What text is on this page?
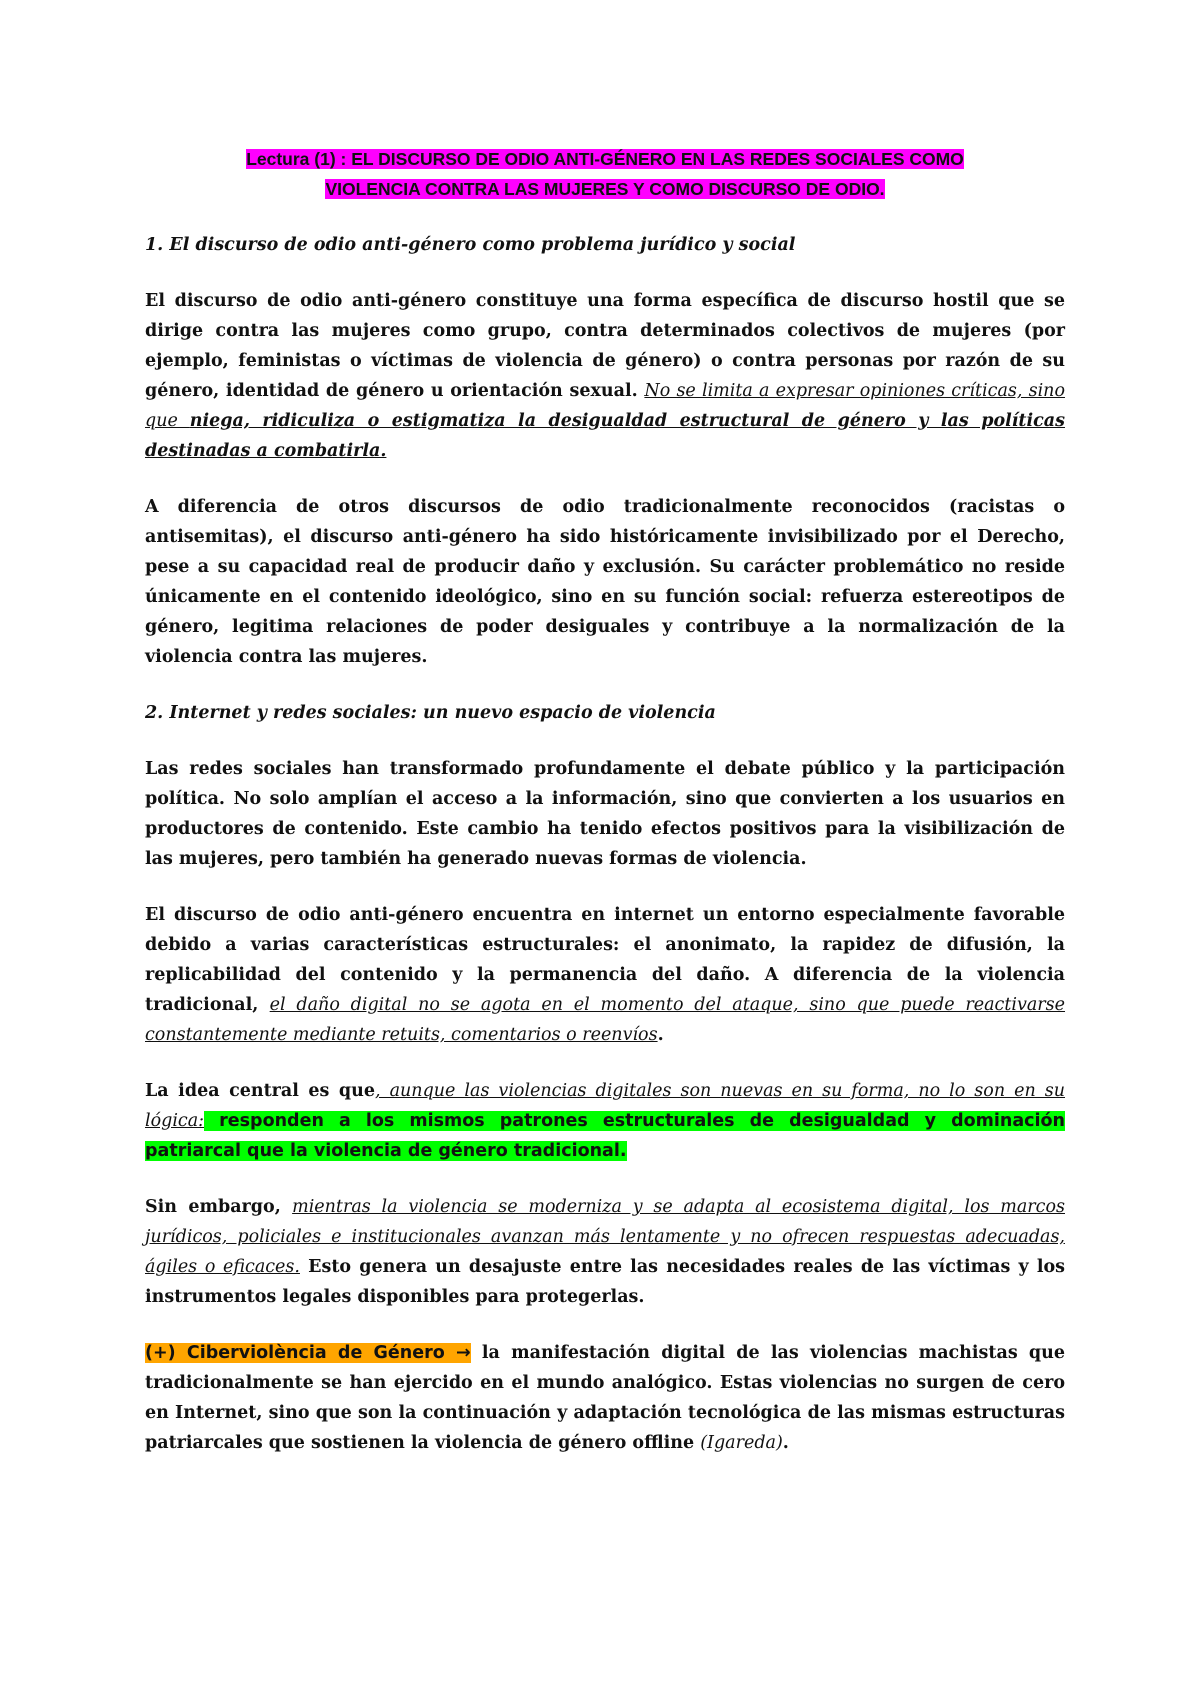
Lectura (1) : EL DISCURSO DE ODIO ANTI-GÉNERO EN LAS REDES SOCIALES COMO
VIOLENCIA CONTRA LAS MUJERES Y COMO DISCURSO DE ODIO.

1. El discurso de odio anti-género como problema jurídico y social

El discurso de odio anti-género constituye una forma específica de discurso hostil que se dirige contra las mujeres como grupo, contra determinados colectivos de mujeres (por ejemplo, feministas o víctimas de violencia de género) o contra personas por razón de su género, identidad de género u orientación sexual. No se limita a expresar opiniones críticas, sino que niega, ridiculiza o estigmatiza la desigualdad estructural de género y las políticas destinadas a combatirla.

A diferencia de otros discursos de odio tradicionalmente reconocidos (racistas o antisemitas), el discurso anti-género ha sido históricamente invisibilizado por el Derecho, pese a su capacidad real de producir daño y exclusión. Su carácter problemático no reside únicamente en el contenido ideológico, sino en su función social: refuerza estereotipos de género, legitima relaciones de poder desiguales y contribuye a la normalización de la violencia contra las mujeres.

2. Internet y redes sociales: un nuevo espacio de violencia

Las redes sociales han transformado profundamente el debate público y la participación política. No solo amplían el acceso a la información, sino que convierten a los usuarios en productores de contenido. Este cambio ha tenido efectos positivos para la visibilización de las mujeres, pero también ha generado nuevas formas de violencia.

El discurso de odio anti-género encuentra en internet un entorno especialmente favorable debido a varias características estructurales: el anonimato, la rapidez de difusión, la replicabilidad del contenido y la permanencia del daño. A diferencia de la violencia tradicional, el daño digital no se agota en el momento del ataque, sino que puede reactivarse constantemente mediante retuits, comentarios o reenvíos.

La idea central es que, aunque las violencias digitales son nuevas en su forma, no lo son en su lógica: responden a los mismos patrones estructurales de desigualdad y dominación patriarcal que la violencia de género tradicional.

Sin embargo, mientras la violencia se moderniza y se adapta al ecosistema digital, los marcos jurídicos, policiales e institucionales avanzan más lentamente y no ofrecen respuestas adecuadas, ágiles o eficaces. Esto genera un desajuste entre las necesidades reales de las víctimas y los instrumentos legales disponibles para protegerlas.

(+) Ciberviolència de Género → la manifestación digital de las violencias machistas que tradicionalmente se han ejercido en el mundo analógico. Estas violencias no surgen de cero en Internet, sino que son la continuación y adaptación tecnológica de las mismas estructuras patriarcales que sostienen la violencia de género offline (Igareda).
